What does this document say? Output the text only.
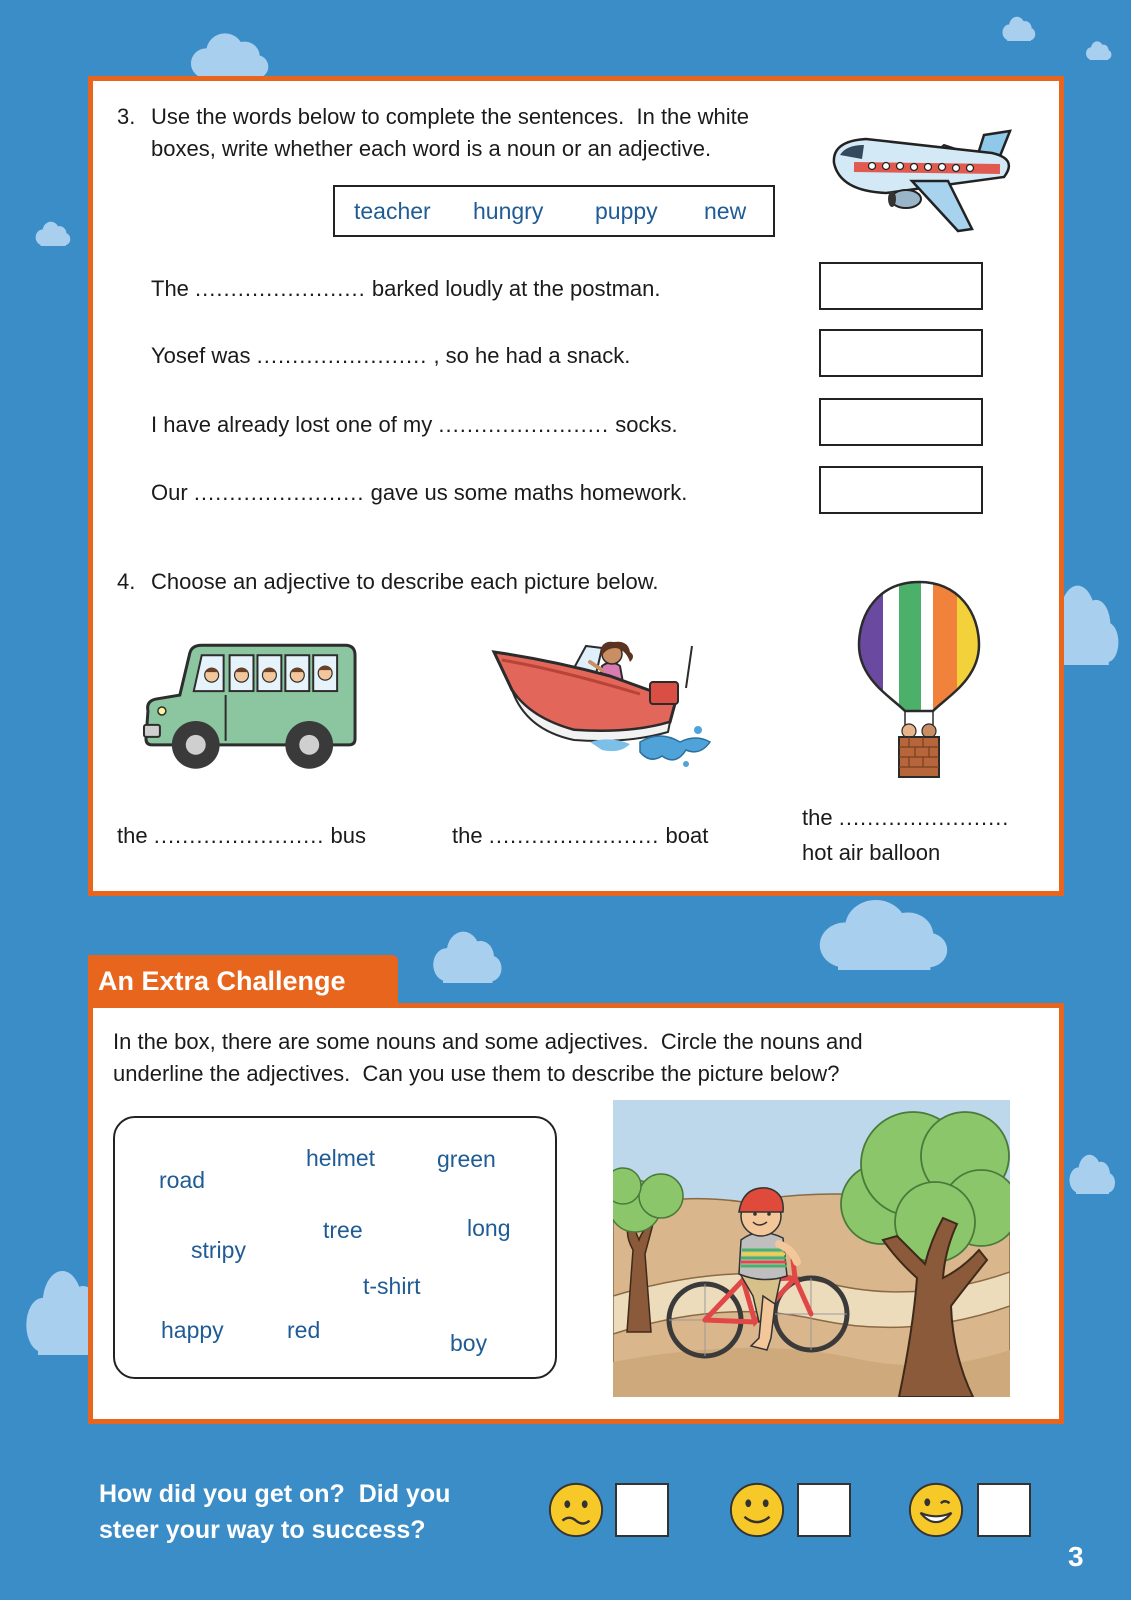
3. Use the words below to complete the sentences.  In the white
boxes, write whether each word is a noun or an adjective.
teacher hungry puppy new
The ........................ barked loudly at the postman.
Yosef was ........................ , so he had a snack.
I have already lost one of my ........................ socks.
Our ........................ gave us some maths homework.
4. Choose an adjective to describe each picture below.
the ........................ bus	the ........................ boat
the ........................
hot air balloon
An Extra Challenge
In the box, there are some nouns and some adjectives.  Circle the nouns and
underline the adjectives.  Can you use them to describe the picture below?
helmet	green
road
tree	long
stripy
t-shirt
happy	red	boy
How did you get on?  Did you
steer your way to success?
3
